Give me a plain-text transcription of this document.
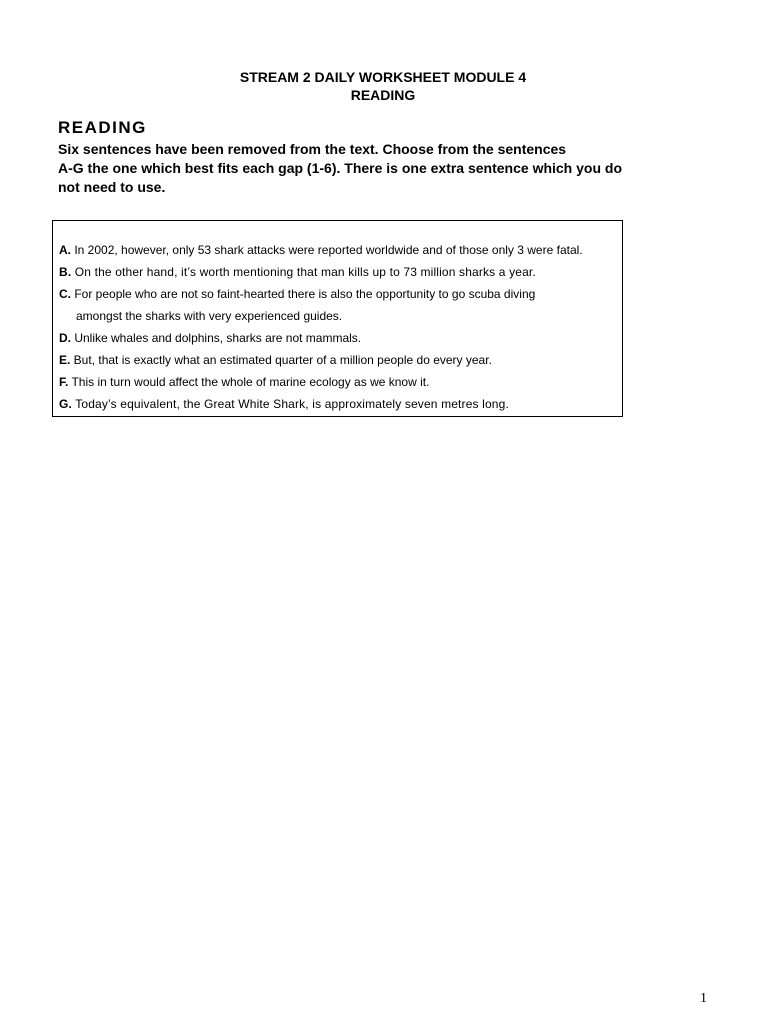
STREAM 2 DAILY WORKSHEET MODULE 4
READING
READING
Six sentences have been removed from the text. Choose from the sentences
A-G the one which best fits each gap (1-6). There is one extra sentence which you do
not need to use.
A. In 2002, however, only 53 shark attacks were reported worldwide and of those only 3 were fatal.
B. On the other hand, it’s worth mentioning that man kills up to 73 million sharks a year.
C. For people who are not so faint-hearted there is also the opportunity to go scuba diving
amongst the sharks with very experienced guides.
D. Unlike whales and dolphins, sharks are not mammals.
E. But, that is exactly what an estimated quarter of a million people do every year.
F. This in turn would affect the whole of marine ecology as we know it.
G. Today’s equivalent, the Great White Shark, is approximately seven metres long.
1
